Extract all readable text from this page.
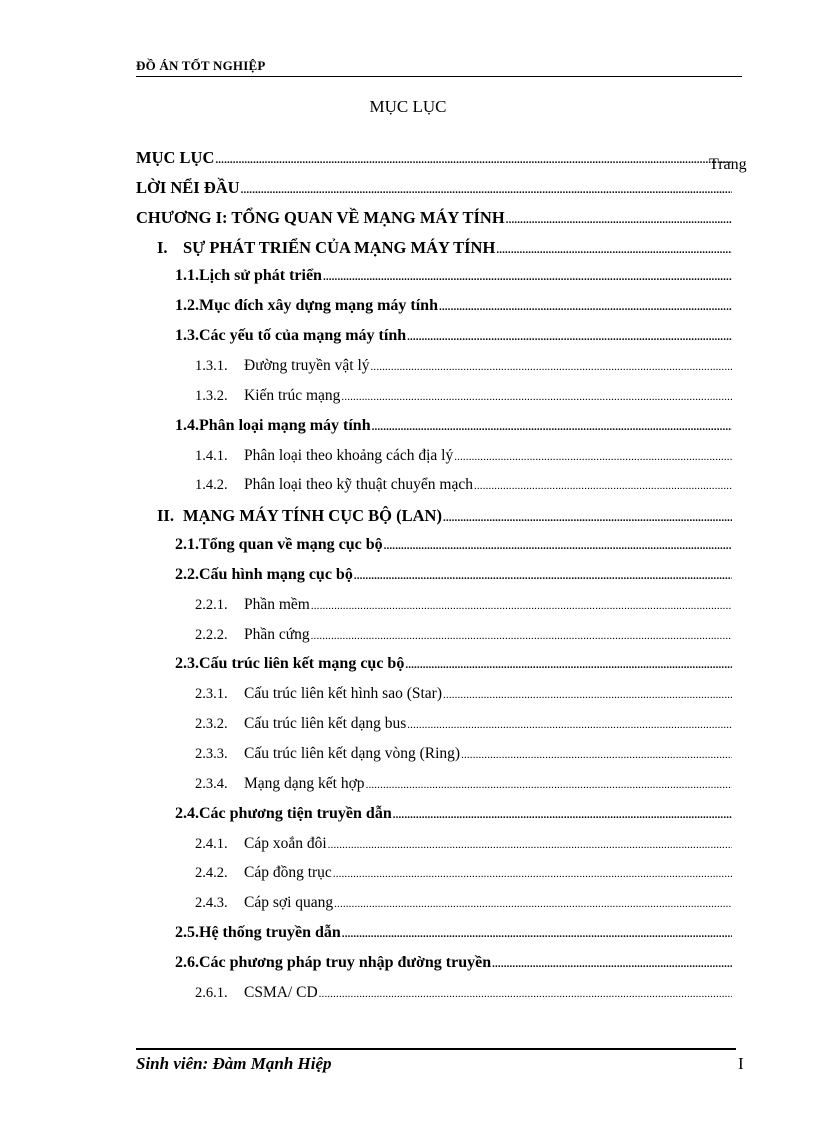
ĐỒ ÁN TỐT NGHIỆP
MỤC LỤC
Trang
MỤC LỤC
. . .
LỜI NỂI ĐẦU
. . .
CHƯƠNG I: TỔNG QUAN VỀ MẠNG MÁY TÍNH
. . .
I. SỰ PHÁT TRIỂN CỦA MẠNG MÁY TÍNH
. . .
1.1. Lịch sử phát triển
. . .
1.2. Mục đích xây dựng mạng máy tính
. . .
1.3. Các yếu tố của mạng máy tính
. . .
1.3.1.	Đường truyền vật lý
. . .
1.3.2.	Kiến trúc mạng
. . .
1.4. Phân loại mạng máy tính
. . .
1.4.1.	Phân loại theo khoảng cách địa lý
. . .
1.4.2.	Phân loại theo kỹ thuật chuyển mạch
. . .
II. MẠNG MÁY TÍNH CỤC BỘ (LAN)
. . .
2.1. Tổng quan về mạng cục bộ
. . .
2.2. Cấu hình mạng cục bộ
. . .
2.2.1.	Phần mềm
. . .
2.2.2.	Phần cứng
. . .
2.3. Cấu trúc liên kết mạng cục bộ
. . .
2.3.1.	Cấu trúc liên kết hình sao (Star)
. . .
2.3.2.	Cấu trúc liên kết dạng bus
. . .
2.3.3.	Cấu trúc liên kết dạng vòng (Ring)
. . .
2.3.4.	Mạng dạng kết hợp
. . .
2.4. Các phương tiện truyền dẫn
. . .
2.4.1.	Cáp xoắn đôi
. . .
2.4.2.	Cáp đồng trục
. . .
2.4.3.	Cáp sợi quang
. . .
2.5. Hệ thống truyền dẫn
. . .
2.6. Các phương pháp truy nhập đường truyền
. . .
2.6.1.	CSMA/ CD
. . .
Sinh viên: Đàm Mạnh Hiệp	I
